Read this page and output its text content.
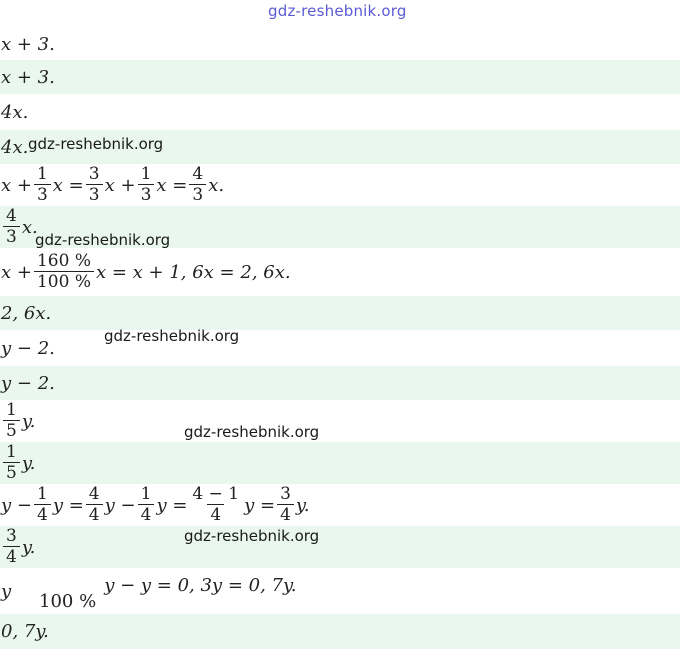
x + 3.
x + 3.
4x.
4x.
$x + \frac{1}{3}$ $x = \frac{3}{3}$ $x + \frac{1}{3}$ $x = \frac{4}{3} x$.
$\frac{4}{3} x$.
$x + \frac{160 \%}{100 \%}$ x = x + 1, 6x = 2, 6x.
2, 6x.
y − 2.
y − 2.
$\frac{1}{5} y$.
$\frac{1}{5} y$.
$y - \frac{1}{4}$ $y = \frac{4}{4}$ $y - \frac{1}{4}$ $y = \frac{4 - 1}{4}$ $y = \frac{3}{4} y$.
$\frac{3}{4} y$.
y	100 %
y − y = 0, 3y = 0, 7y.
0, 7y.
gdz-reshebnik.org
gdz-reshebnik.org
gdz-reshebnik.org
gdz-reshebnik.org
gdz-reshebnik.org
gdz-reshebnik.org
